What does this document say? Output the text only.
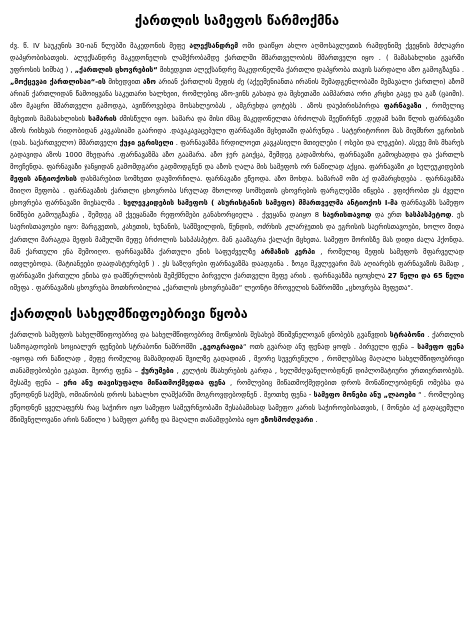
ქართლის სამეფოს წარმოქმნა

ძვ. წ. IV საუკუნის 30-იან წლებში მაკედონის მეფე ალექსანდრემ ომი დაიწყო ახლო აღმოსავლეთის რამდენიმე ქვეყნის მძლავრი დაპყრობისათვის. ალექსანდრე მაკედონელის ლაშქრობამდე ქართლში მმართველობის მმართველი იყო . ( მამასახლისი გვარში უფროსის სიმხაე ) , „ქართლის ცხოვრების“ მიხედვით ალექსანდრე მაკედონელმა ქართლი დაპყრობა თავის სარდალი აზო გამოგზავნა . „მოქცევაი ქართლისაი“-ის მიხედვით აზო არიან ქართლის მეფის ძე (აქეემენიანთა ირანის შემადგენლობაში მემავალი ქართლი) აზომ არიან ქართლიდან წამოიყვანა საკუთარი ხალხეიი, რომლებიც აზო-ვინს გახადა და მცხეთაში აამპართა ორი კრცხი გაცე და გაზ (ცაიმი). აზო მკაცრი მმართველი გამოდგა, ავიწროვებდა მოსახლეობას , ამგრეხდა ცოტებს . აზოს დაუპირისპირდა ფარნავაზი , რომელიც მცხეთის მამასახლისის სამარის ძმისწული იყო. სამარა და მისი ძმაც მაკედონელთა ბრძოლას შეეწირნენ .დედამ ხამი წლის ფარნავაზი აზოს რისხვას რიდობიდან კავკასიაში გაარიდა .დავაკავაცებული ფარნავაზი მცხეთაში დაბრუნდა . სატერიტორიო მას მიუმხრო ეგრისის (დას. საქართველო) მმართველი ქუჯი ეგრისელი . ფარნავაზმა ჩრდილოეთ კავკასიელი მთიელები ( ოსები და ლეკები). ასევე მის მხარეს გადავიდა აზოს 1000 მხედარა .ფარნავაზმა აზო გაამარა. აზო ჯერ გაიქცა, შემდეგ გადამოხრა, ფარნავაზი გამოცხადდა და ქართლს მოეჩენდა. ფარნავაზი ჯანყიდან გამომდგარი გადმოდგნენ და აზოს ღალა მის სამეფოს ორ ნაწილად აქცია. ფარნავაზი კი სელეუკიდების მეფის ანტიოქოსის დახმარებით სომხეთი დაუმორჩილა. ფარნავაზი ეწეოდა. აზო მოხდა. სამარამ ომი აქ დამარცხდება . ფარნავაზმა მიიღო მეფობა . ფარნავაზის ქართლი ცხოვრობა სრულად მხოლოდ სომხეთის ცხოვრების ფარგლებში იწყება . ვფიქრობთ ეს ძველი ცხოვრება ფარნავაზი მიესალმა . სელევკიდების სამეფოს ( ასურისტანის სამეფო) მმართველმა ანტიოქოს I-მა ფარნავაზს სამეფო ნიშნები გამოუგზავნა , შემდეგ ამ ქვეყანაში რეფორმები განახორციელა . ქვეყანა დაიყო 8 საერისთავოდ და ერთ სასპასპეტოდ. ეს საერისთავოები იყო: მარგვეთის, კახეთის, ხუნანის, სამშვილდის, წუნდის, ოძრხის კლარჯეთის და ეგრისის საერისთავოები, ხოლო შიდა ქართლი მარაგდა მეფის მამულში მეფე ბრძოლის სასპასპეტო. მან გაამაგრა ქალაქი მცხეთა. სამეფო შორისზე მას დიდი ძალა ჰქონდა. მან ქართული ენა შემოიღო. ფარნავაზმა ქართული ენის საფუძველზე არმაზის კერპი , რომელიც მეფის სამეფოს მფარველად ითვლებოდა. (მატიანეები დაადასტურებენ ) . ეს საზღვრები ფარნავაზმა დაადგინა . ზოგი მკვლევარი მას აღიარებს ფარნავაზის მამად , ფარნავაზი ქართული ენისა და დამწერლობის შემქმნელი პირველი ქართველი მეფე არის . ფარნავაზმა იცოცხლა 27 წელი და 65 წელი იმეფა . ფარნავაზის ცხოვრება მოთხრობილია „ქართლის ცხოვრებაში“ ლეონტი მროველის ნაშრომში „ცხოვრება მეფეთა“.

ქართლის სახელმწიფოებრივი წყობა

ქართლის სამეფოს სახელმწიფოებრივ და სახელმწიფოებრივ მოწყობის შესახებ მნიშვნელოვან ცნობებს გვაწვდის სტრაბონი . ქართლის საზოგადოების სოციალურ ფენების სტრაბონი ნაშრომში „გეოგრაფია“ ოთხ გვარად ანუ ფენად ყოფს . პირველი ფენა – სამეფო ფენა -იყოფა ორ ნაწილად , მეფე რომელიც მამამდიდან შვილზე გადადიან , მეორე სუვერენული , რომლებსაც მაღალი სახელმწიფოებრივი თანამდებობები ეკავათ. მეორე ფენა – ქურუმები , კულტის მსახურების გარდა , ხელმძღვანელობდნენ დიპლომატიური ურთიერთობებს. მესამე ფენა – ერი ანუ თავისუფალი მიწათმოქმედთა ფენა , რომლებიც მიწათმოქმედებით დროს მონაწილეობდნენ ომებსა და ეწეოდნენ საქმეს, ომიანობის დროს სახალხო ლაშქარში მოგროვდებოდნენ . მეოთხე ფენა - სამეფო მონები ანუ „ლაოები “ . რომლებიც ეწეოდნენ ყველაფერს რაც საჭირო იყო სამეფო სამეურნეობაში შესაბამისად სამეფო კარის საჭიროებისათვის, ( მონები აქ გადაცემული მნიშვნელოვანი არის ნაწილი ) სამეფო კარზე და მაღალი თანამდებობა იყო ეზოსმოძღვარი .
